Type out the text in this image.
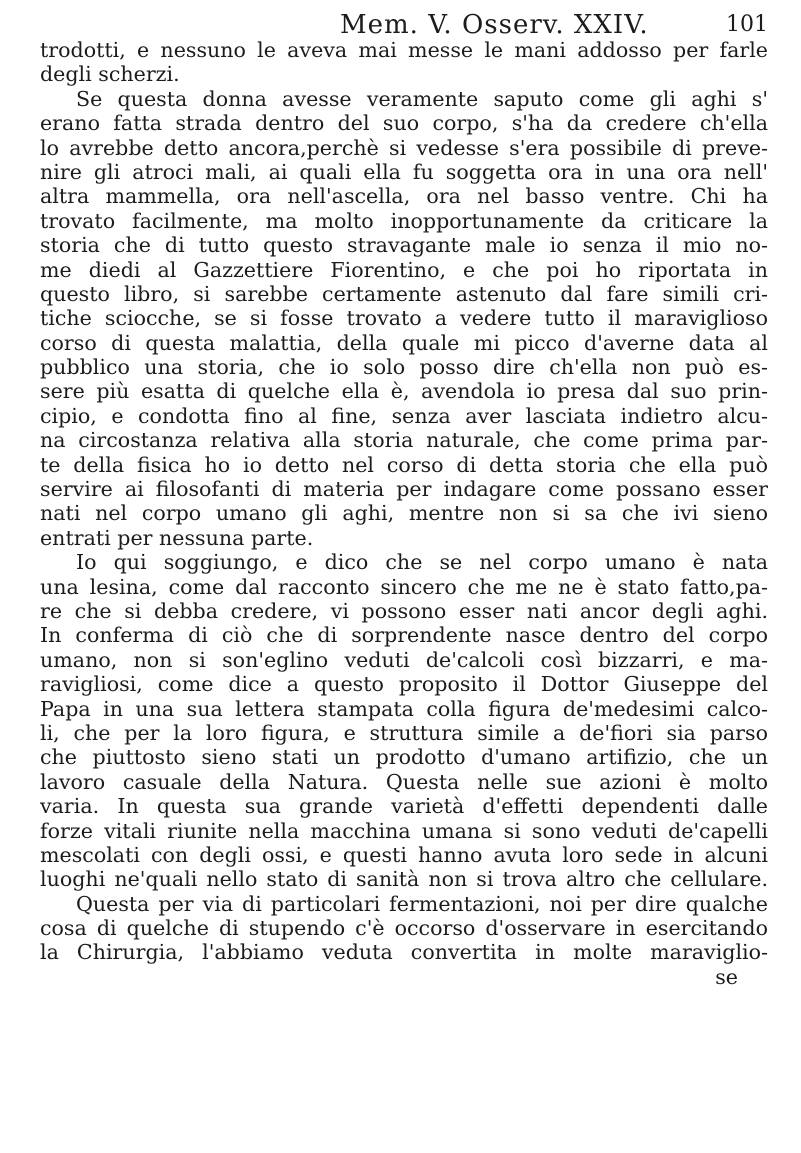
Mem. V. Osserv. XXIV.	101
trodotti, e nessuno le aveva mai messe le mani addosso per farle
degli scherzi.
Se questa donna avesse veramente saputo come gli aghi s'
erano fatta strada dentro del suo corpo, s'ha da credere ch'ella
lo avrebbe detto ancora,perchè si vedesse s'era possibile di preve-
nire gli atroci mali, ai quali ella fu soggetta ora in una ora nell'
altra mammella, ora nell'ascella, ora nel basso ventre. Chi ha
trovato facilmente, ma molto inopportunamente da criticare la
storia che di tutto questo stravagante male io senza il mio no-
me diedi al Gazzettiere Fiorentino, e che poi ho riportata in
questo libro, si sarebbe certamente astenuto dal fare simili cri-
tiche sciocche, se si fosse trovato a vedere tutto il maraviglioso
corso di questa malattia, della quale mi picco d'averne data al
pubblico una storia, che io solo posso dire ch'ella non può es-
sere più esatta di quelche ella è, avendola io presa dal suo prin-
cipio, e condotta fino al fine, senza aver lasciata indietro alcu-
na circostanza relativa alla storia naturale, che come prima par-
te della fisica ho io detto nel corso di detta storia che ella può
servire ai filosofanti di materia per indagare come possano esser
nati nel corpo umano gli aghi, mentre non si sa che ivi sieno
entrati per nessuna parte.
Io qui soggiungo, e dico che se nel corpo umano è nata
una lesina, come dal racconto sincero che me ne è stato fatto,pa-
re che si debba credere, vi possono esser nati ancor degli aghi.
In conferma di ciò che di sorprendente nasce dentro del corpo
umano, non si son'eglino veduti de'calcoli così bizzarri, e ma-
ravigliosi, come dice a questo proposito il Dottor Giuseppe del
Papa in una sua lettera stampata colla figura de'medesimi calco-
li, che per la loro figura, e struttura simile a de'fiori sia parso
che piuttosto sieno stati un prodotto d'umano artifizio, che un
lavoro casuale della Natura. Questa nelle sue azioni è molto
varia. In questa sua grande varietà d'effetti dependenti dalle
forze vitali riunite nella macchina umana si sono veduti de'capelli
mescolati con degli ossi, e questi hanno avuta loro sede in alcuni
luoghi ne'quali nello stato di sanità non si trova altro che cellulare.
Questa per via di particolari fermentazioni, noi per dire qualche
cosa di quelche di stupendo c'è occorso d'osservare in esercitando
la Chirurgia, l'abbiamo veduta convertita in molte maraviglio-
se
